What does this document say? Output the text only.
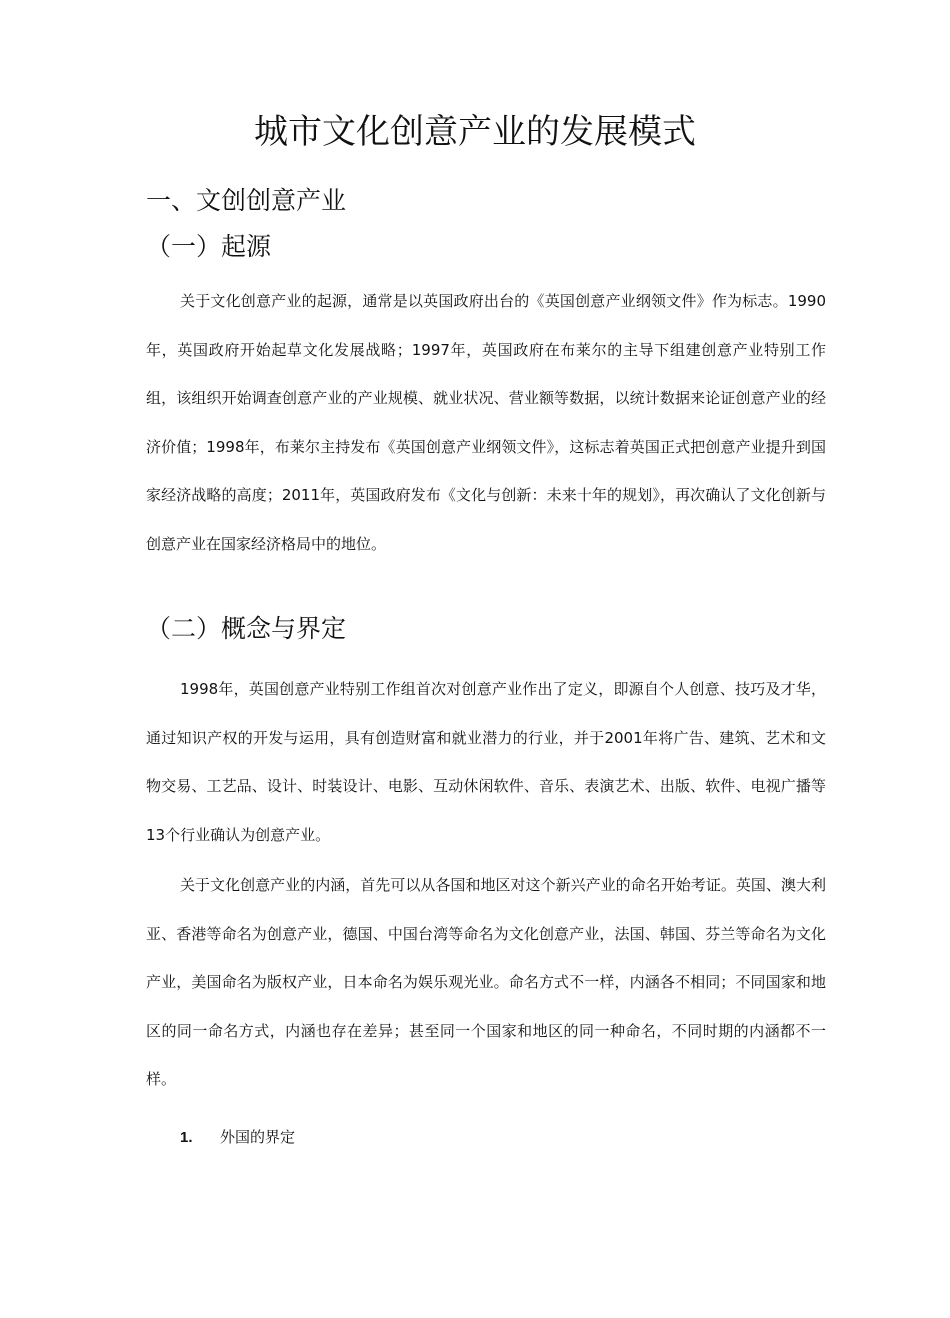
城市文化创意产业的发展模式
一、文创创意产业
（一）起源

关于文化创意产业的起源，通常是以英国政府出台的《英国创意产业纲领文件》作为标志。1990年，英国政府开始起草文化发展战略；1997年，英国政府在布莱尔的主导下组建创意产业特别工作组，该组织开始调查创意产业的产业规模、就业状况、营业额等数据，以统计数据来论证创意产业的经济价值；1998年，布莱尔主持发布《英国创意产业纲领文件》，这标志着英国正式把创意产业提升到国家经济战略的高度；2011年，英国政府发布《文化与创新：未来十年的规划》，再次确认了文化创新与创意产业在国家经济格局中的地位。

（二）概念与界定

1998年，英国创意产业特别工作组首次对创意产业作出了定义，即源自个人创意、技巧及才华，通过知识产权的开发与运用，具有创造财富和就业潜力的行业，并于2001年将广告、建筑、艺术和文物交易、工艺品、设计、时装设计、电影、互动休闲软件、音乐、表演艺术、出版、软件、电视广播等13个行业确认为创意产业。

关于文化创意产业的内涵，首先可以从各国和地区对这个新兴产业的命名开始考证。英国、澳大利亚、香港等命名为创意产业，德国、中国台湾等命名为文化创意产业，法国、韩国、芬兰等命名为文化产业，美国命名为版权产业，日本命名为娱乐观光业。命名方式不一样，内涵各不相同；不同国家和地区的同一命名方式，内涵也存在差异；甚至同一个国家和地区的同一种命名，不同时期的内涵都不一样。

1. 外国的界定
